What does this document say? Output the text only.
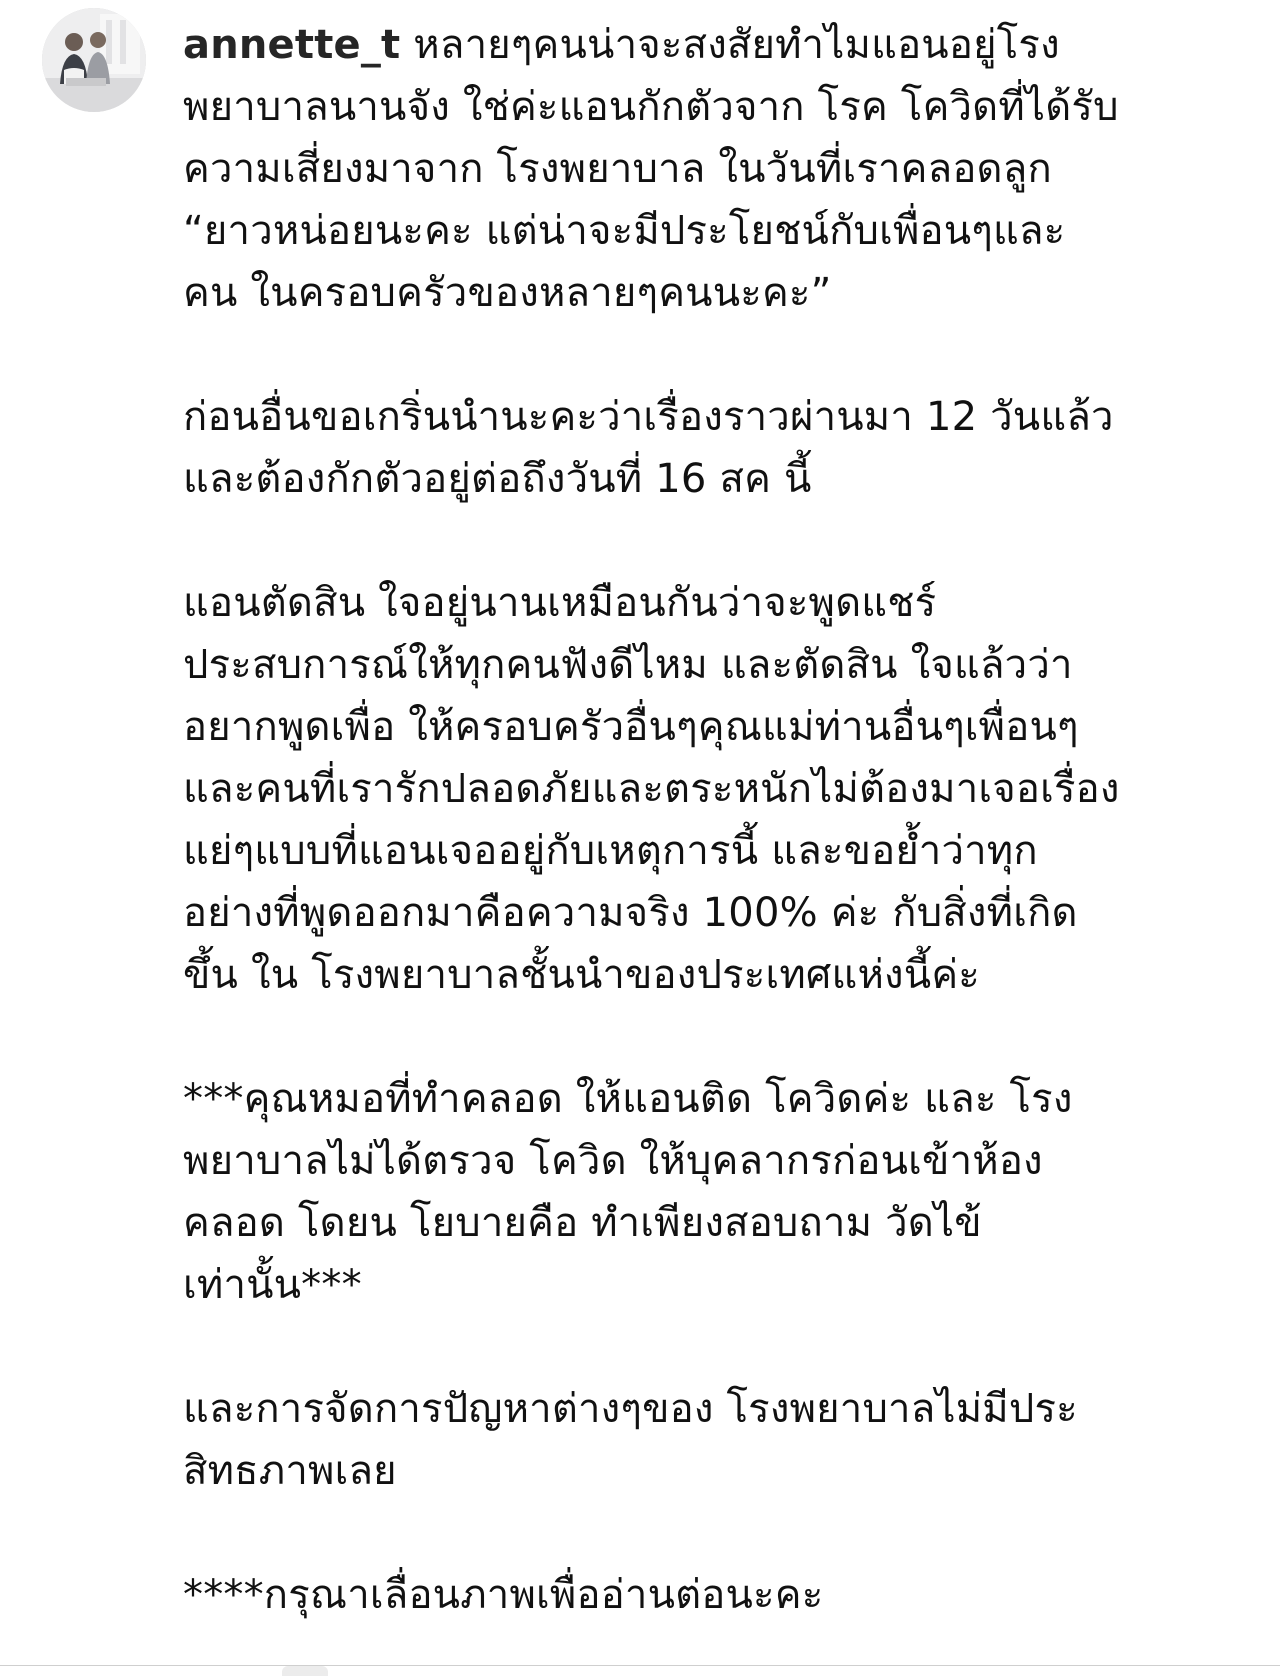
annette_t หลายๆคนน่าจะสงสัยทำไมแอนอยู่โรง
พยาบาลนานจัง ใช่ค่ะแอนกักตัวจาก โรค โควิดที่ได้รับ
ความเสี่ยงมาจาก โรงพยาบาล ในวันที่เราคลอดลูก
“ยาวหน่อยนะคะ แต่น่าจะมีประโยชน์กับเพื่อนๆและ
คน ในครอบครัวของหลายๆคนนะคะ”

ก่อนอื่นขอเกริ่นนำนะคะว่าเรื่องราวผ่านมา 12 วันแล้ว
และต้องกักตัวอยู่ต่อถึงวันที่ 16 สค นี้

แอนตัดสิน ใจอยู่นานเหมือนกันว่าจะพูดแชร์
ประสบการณ์ให้ทุกคนฟังดีไหม และตัดสิน ใจแล้วว่า
อยากพูดเพื่อ ให้ครอบครัวอื่นๆคุณแม่ท่านอื่นๆเพื่อนๆ
และคนที่เรารักปลอดภัยและตระหนักไม่ต้องมาเจอเรื่อง
แย่ๆแบบที่แอนเจออยู่กับเหตุการนี้ และขอย้ำว่าทุก
อย่างที่พูดออกมาคือความจริง 100% ค่ะ กับสิ่งที่เกิด
ขึ้น ใน โรงพยาบาลชั้นนำของประเทศแห่งนี้ค่ะ

***คุณหมอที่ทำคลอด ให้แอนติด โควิดค่ะ และ โรง
พยาบาลไม่ได้ตรวจ โควิด ให้บุคลากรก่อนเข้าห้อง
คลอด โดยน โยบายคือ ทำเพียงสอบถาม วัดไข้
เท่านั้น***

และการจัดการปัญหาต่างๆของ โรงพยาบาลไม่มีประ
สิทธภาพเลย

****กรุณาเลื่อนภาพเพื่ออ่านต่อนะคะ
